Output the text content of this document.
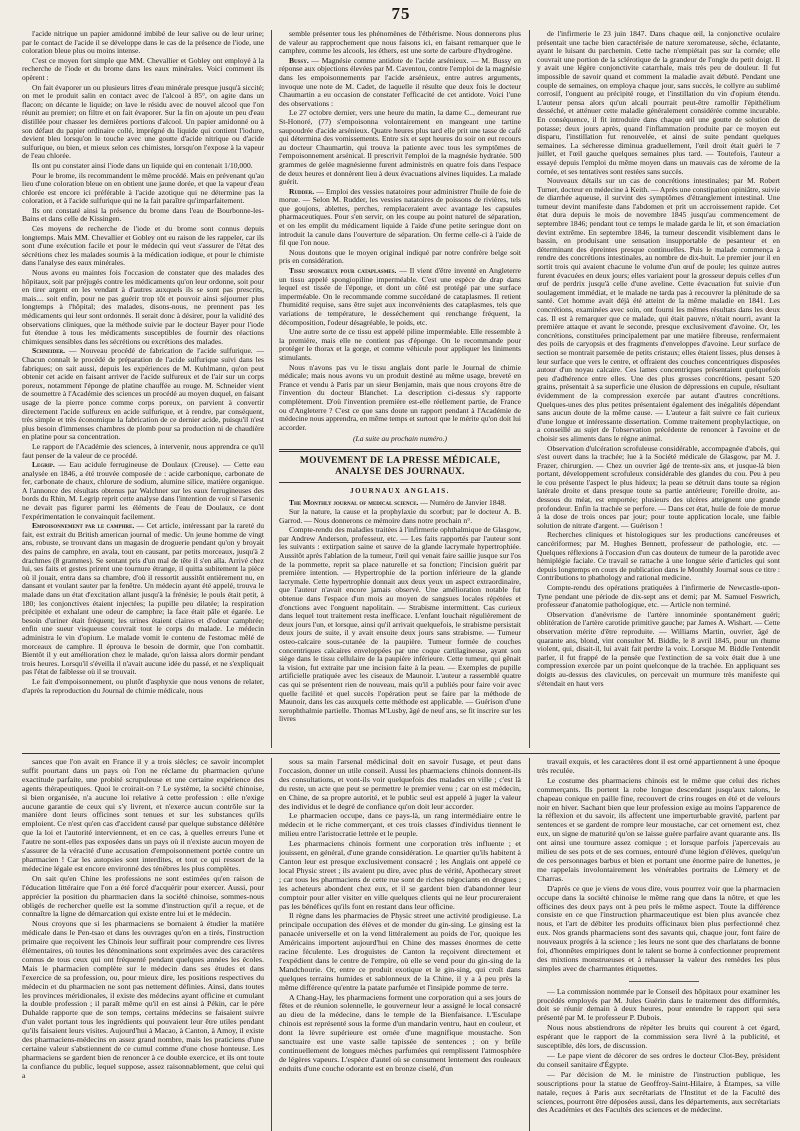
75

l'acide nitrique un papier amidonné imbibé de leur salive ou de leur urine; par le contact de l'acide il se développe dans le cas de la présence de l'iode, une coloration bleue plus ou moins intense.

C'est ce moyen fort simple que MM. Chevallier et Gobley ont employé à la recherche de l'iode et du brome dans les eaux minérales. Voici comment ils opèrent :

On fait évaporer un ou plusieurs litres d'eau minérale presque jusqu'à siccité; on met le produit salin en contact avec de l'alcool à 85°, on agite dans un flacon; on décante le liquide; on lave le résidu avec de nouvel alcool que l'on réunit au premier; on filtre et on fait évaporer. Sur la fin on ajoute un peu d'eau distillée pour chasser les dernières portions d'alcool. Un papier amidonné ou à son défaut du papier ordinaire collé, imprégné du liquide qui contient l'iodure, devient bleu lorsqu'on le touche avec une goutte d'acide nitrique ou d'acide sulfurique, ou bien, et mieux selon ces chimistes, lorsqu'on l'expose à la vapeur de l'eau chlorée.

Ils ont pu constater ainsi l'iode dans un liquide qui en contenait 1/10,000.

Pour le brome, ils recommandent le même procédé. Mais en prévenant qu'au lieu d'une coloration bleue on en obtient une jaune dorée, et que la vapeur d'eau chlorée est encore ici préférable à l'acide azotique qui ne détermine pas la coloration, et à l'acide sulfurique qui ne la fait paraître qu'imparfaitement.

Ils ont constaté ainsi la présence du brome dans l'eau de Bourbonne-les-Bains et dans celle de Kissingen.

Ces moyens de recherche de l'iode et du brome sont connus depuis longtemps. Mais MM. Chevallier et Gobley ont eu raison de les rappeler, car ils sont d'une exécution facile et pour le médecin qui veut s'assurer de l'état des sécrétions chez les malades soumis à la médication iodique, et pour le chimiste dans l'analyse des eaux minérales.

Nous avons eu maintes fois l'occasion de constater que des malades des hôpitaux, soit par préjugés contre les médicaments qu'on leur ordonne, soit pour en tirer argent en les vendant à d'autres auxquels ils se sont pas prescrits, mais.... soit enfin, pour ne pas guérir trop tôt et pouvoir ainsi séjourner plus longtemps à l'hôpital; des malades, disons-nous, ne prennent pas les médicaments qui leur sont ordonnés. Il serait donc à désirer, pour la validité des observations cliniques, que la méthode suivie par le docteur Bayer pour l'iode fut étendue à tous les médicaments susceptibles de fournir des réactions chimiques sensibles dans les sécrétions ou excrétions des malades.

Schneider. — Nouveau procédé de fabrication de l'acide sulfurique. — Chacun connaît le procédé de préparation de l'acide sulfurique suivi dans les fabriques; on sait aussi, depuis les expériences de M. Kuhlmann, qu'on peut obtenir cet acide en faisant arriver de l'acide sulfureux et de l'air sur un corps poreux, notamment l'éponge de platine chauffée au rouge. M. Schneider vient de soumettre à l'Académie des sciences un procédé au moyen duquel, en faisant usage de la pierre ponce comme corps poreux, on parvient à convertir directement l'acide sulfureux en acide sulfurique, et à rendre, par conséquent, très simple et très économique la fabrication de ce dernier acide, puisqu'il n'est plus besoin d'immenses chambres de plomb pour sa production ni de chaudière en platine pour sa concentration.

Le rapport de l'Académie des sciences, à intervenir, nous apprendra ce qu'il faut penser de la valeur de ce procédé.

Legrip. — Eau acidule ferrugineuse de Doulaux (Creuse). — Cette eau analysée en 1846, a été trouvée composée de : acide carbonique, carbonate de fer, carbonate de chaux, chlorure de sodium, alumine silice, matière organique. A l'annonce des résultats obtenus par Walchner sur les eaux ferrugineuses des bords du Rhin, M. Legrip reprit cette analyse dans l'intention de voir si l'arsenic ne devait pas figurer parmi les éléments de l'eau de Doulaux, ce dont l'expérimentation le convainquit facilement.

Empoisonnement par le camphre. — Cet article, intéressant par la rareté du fait, est extrait du British american journal of medic. Un jeune homme de vingt ans, robuste, se trouvant dans un magasin de droguerie pendant qu'on y broyait des pains de camphre, en avala, tout en causant, par petits morceaux, jusqu'à 2 drachmes (8 grammes). Se sentant pris d'un mal de tête il s'en alla. Arrivé chez lui, ses faits et gestes prirent une tournure étrange, il quitta subitement la pièce où il jouait, entra dans sa chambre, d'où il ressortit aussitôt entièrement nu, en dansant et voulant sauter par la fenêtre. Un médecin ayant été appelé, trouva le malade dans un état d'excitation allant jusqu'à la frénésie; le pouls était petit, à 180; les conjonctives étaient injectées; la pupille peu dilatée; la respiration précipitée et exhalant une odeur de camphre; la face était pâle et égarée. Le besoin d'uriner était fréquent; les urines étaient claires et d'odeur camphrée; enfin une sueur visqueuse couvrait tout le corps du malade. Le médecin administra le vin d'opium. Le malade vomit le contenu de l'estomac mêlé de morceaux de camphre. Il éprouva le besoin de dormir, que l'on combattit. Bientôt il y eut amélioration chez le malade, qu'on laissa alors dormir pendant trois heures. Lorsqu'il s'éveilla il n'avait aucune idée du passé, et ne s'expliquait pas l'état de faiblesse où il se trouvait.

Le fait d'empoisonnement, ou plutôt d'asphyxie que nous venons de relater, d'après la reproduction du Journal de chimie médicale, nous

semble présenter tous les phénomènes de l'éthérisme. Nous donnerons plus de valeur au rapprochement que nous faisons ici, en faisant remarquer que le camphre, comme les alcools, les éthers, est une sorte de carbure d'hydrogène.

Bussy. — Magnésie comme antidote de l'acide arsénieux. — M. Bussy en réponse aux objections élevées par M. Caventou, contre l'emploi de la magnésie dans les empoisonnements par l'acide arsénieux, entre autres arguments, invoque une note de M. Cadet, de laquelle il résulte que deux fois le docteur Chaumartin a eu occasion de constater l'efficacité de cet antidote. Voici l'une des observations :

Le 27 octobre dernier, vers une heure du matin, la dame C.., demeurant rue St-Honoré, (77) s'empoisonna volontairement en mangeant une tartine saupoudrée d'acide arsénieux. Quatre heures plus tard elle prit une tasse de café qui détermina des vomissements. Entre six et sept heures du soir on eut recours au docteur Chaumartin, qui trouva la patiente avec tous les symptômes de l'empoisonnement arsénical. Il prescrivit l'emploi de la magnésie hydratée. 500 grammes de gelée magnésienne furent administrés en quatre fois dans l'espace de deux heures et donnèrent lieu à deux évacuations alvines liquides. La malade guérit.

Rudder. — Emploi des vessies natatoires pour administrer l'huile de foie de morue. — Selon M. Rudder, les vessies natatoires de poissons de rivières, tels que goujons, ablettes, perches, remplaceraient avec avantage les capsules pharmaceutiques. Pour s'en servir, on les coupe au point naturel de séparation, et on les emplit du médicament liquide à l'aide d'une petite seringue dont on introduit la canule dans l'ouverture de séparation. On ferme celle-ci à l'aide de fil que l'on noue.

Nous doutons que le moyen original indiqué par notre confrère belge soit pris en considération.

Tissu spongieux pour cataplasmes. — Il vient d'être inventé en Angleterre un tissu appelé spongiopiline imperméable. C'est une espèce de drap dans lequel est tissée de l'éponge, et dont un côté est protégé par une surface imperméable. On le recommande comme succédané de cataplasmes. Il retient l'humidité requise, sans être sujet aux inconvénients des cataplasmes, tels que variations de température, le desséchement qui renchange fréquent, la décomposition, l'odeur désagréable, le poids, etc.

Une autre sorte de ce tissu est appelé piline imperméable. Elle ressemble à la première, mais elle ne contient pas d'éponge. On le recommande pour protéger le thorax et la gorge, et comme véhicule pour appliquer les liniments stimulants.

Nous n'avons pas vu le tissu anglais dont parle le Journal de chimie médicale; mais nous avons vu un produit destiné au même usage, breveté en France et vendu à Paris par un sieur Benjamin, mais que nous croyons être de l'invention du docteur Blanchet. La description ci-dessus s'y rapporte complètement. D'où l'invention première est-elle réellement partie, de France ou d'Angleterre ? C'est ce que sans doute un rapport pendant à l'Académie de médecine nous apprendra, en même temps et surtout que le mérite qu'on doit lui accorder.

(La suite au prochain numéro.)

MOUVEMENT DE LA PRESSE MÉDICALE, ANALYSE DES JOURNAUX.
JOURNAUX ANGLAIS.

The Monthly journal of medical science. — Numéro de Janvier 1848.

Sur la nature, la cause et la prophylaxie du scorbut; par le docteur A. B. Garrod. — Nous donnerons ce mémoire dans notre prochain n°.

Compte-rendu des maladies traitées à l'infirmerie ophthalmique de Glasgow, par Andrew Anderson, professeur, etc. — Les faits rapportés par l'auteur sont les suivants : extirpation saine et sauve de la glande lacrymale hypertrophiée. Aussitôt après l'ablation de la tumeur, l'œil qui venait faire saillie jusque sur l'os de la pommette, reprit sa place naturelle et sa fonction; l'incision guérit par première intention. — Hypertrophie de la portion inférieure de la glande lacrymale. Cette hypertrophie donnait aux deux yeux un aspect extraordinaire, que l'auteur n'avait encore jamais observé. Une amélioration notable fut obtenue dans l'espace d'un mois au moyen de sangsues locales répétées et d'onctions avec l'onguent napolitain. — Strabisme intermittent. Cas curieux dans lequel tout traitement resta inefficace. L'enfant louchait régulièrement de deux jours l'un, et lorsque, ainsi qu'il arrivait quelquefois, le strabisme persistait deux jours de suite, il y avait ensuite deux jours sans strabisme. — Tumeur osteo-calcaire sous-cutanée de la paupière. Tumeur formée de couches concentriques calcaires enveloppées par une coque cartilagineuse, ayant son siège dans le tissu cellulaire de la paupière inférieure. Cette tumeur, qui gênait la vision, fut extraite par une incision faite à la peau. — Exemples de pupille artificielle pratiquée avec les ciseaux de Maunoir. L'auteur a rassemblé quatre cas qui se présentent rien de nouveau, mais qu'il a publiés pour faire voir avec quelle facilité et quel succès l'opération peut se faire par la méthode de Maunoir, dans les cas auxquels cette méthode est applicable. — Guérison d'une xerophthalmie partielle. Thomas M'Lusby, âgé de neuf ans, se fit inscrire sur les livres

de l'infirmerie le 23 juin 1847. Dans chaque œil, la conjonctive oculaire présentait une tache bien caractérisée de nature xeromateuse, sèche, éclatante, ayant le luisant du parchemin. Cette tache n'empiétait pas sur la cornée; elle couvrait une portion de la sclérotique de la grandeur de l'ongle du petit doigt. Il y avait une légère conjonctivite catarrhale, mais très peu de douleur. Il fut impossible de savoir quand et comment la maladie avait débuté. Pendant une couple de semaines, on employa chaque jour, sans succès, le collyre au sublimé corrosif, l'onguent au précipité rouge, et l'instillation du vin d'opium étendu. L'auteur pensa alors qu'un alcali pourrait peut-être ramollir l'épithélium desséché, et atténuer cette maladie généralement considérée comme incurable. En conséquence, il fit introduire dans chaque œil une goutte de solution de potasse; deux jours après, quand l'inflammation produite par ce moyen eut disparu, l'instillation fut renouvelée, et ainsi de suite pendant quelques semaines. La sécheresse diminua graduellement, l'œil droit était guéri le 7 juillet, et l'œil gauche quelques semaines plus tard. — Toutefois, l'auteur a essayé depuis l'emploi du même moyen dans un mauvais cas de xérome de la cornée, et ses tentatives sont restées sans succès.

Nouveaux détails sur un cas de concrétions intestinales; par M. Robert Turner, docteur en médecine à Keith. — Après une constipation opiniâtre, suivie de diarrhée aqueuse, il survint des symptômes d'étranglement intestinal. Une tumeur devint manifeste dans l'abdomen et prit un accroissement rapide. Cet état dura depuis le mois de novembre 1845 jusqu'au commencement de septembre 1846; pendant tout ce temps le malade garda le lit, et son émaciation devint extrême. En septembre 1846, la tumeur descendit visiblement dans le bassin, en produisant une sensation insupportable de pesanteur et en déterminant des épreintes presque continuelles. Puis le malade commença à rendre des concrétions intestinales, au nombre de dix-huit. Le premier jour il en sortit trois qui avaient chacune le volume d'un œuf de poule; les quinze autres furent évacuées en deux jours; elles variaient pour la grosseur depuis celles d'un œuf de perdrix jusqu'à celle d'une aveline. Cette évacuation fut suivie d'un soulagement immédiat, et le malade ne tarda pas à recouvrer la plénitude de sa santé. Cet homme avait déjà été atteint de la même maladie en 1841. Les concrétions, examinées avec soin, ont fourni les mêmes résultats dans les deux cas. Il est à remarquer que ce malade, qui était pauvre, n'était nourri, avant la première attaque et avant le seconde, presque exclusivement d'avoine. Or, les concrétions, constituées principalement par une matière fibreuse, renfermaient des poils de caryopsis et des fragments d'enveloppes d'avoine. Leur surface de section se montrait parsemée de petits cristaux; elles étaient lisses, plus denses à leur surface que vers le centre, et offraient des couches concentriques disposées autour d'un noyau calcaire. Ces lames concentriques présentaient quelquefois peu d'adhérence entre elles. Une des plus grosses concrétions, pesant 520 grains, présentait à sa superficie une élusion de dépressions en cupule, résultant évidemment de la compression exercée par autant d'autres concrétions. Quelques-unes des plus petites présentaient également des inégalités dépendant sans aucun doute de la même cause. — L'auteur a fait suivre ce fait curieux d'une longue et intéressante dissertation. Comme traitement prophylactique, on a conseillé au sujet de l'observation précédente de renoncer à l'avoine et de choisir ses aliments dans le règne animal.

Observation d'ulcération scrofuleuse considérable, accompagnée d'abcès, qui s'est ouvert dans la trachée; lue à la Société médicale de Glasgow, par M. J. Frazer, chirurgien. — Chez un ouvrier âgé de trente-six ans, et jusque-là bien portant, développement scrofuleux considérable des glandes du cou. Peu à peu le cou présente l'aspect le plus hideux; la peau se détruit dans toute sa région latérale droite et dans presque toute sa partie antérieure; l'oreille droite, au-dessous du méat, est emportée; plusieurs des ulcères atteignent une grande profondeur. Enfin la trachée se perfore. — Dans cet état, huile de foie de morue à la dose de trois onces par jour; pour toute application locale, une faible solution de nitrate d'argent. — Guérison !

Recherches cliniques et histologiques sur les productions cancéreuses et cancériformes; par M. Hughes Bennett, professeur de pathologie, etc. — Quelques réflexions à l'occasion d'un cas douteux de tumeur de la parotide avec hémiplégie faciale. Ce travail se rattache à une longue série d'articles qui sont depuis longtemps en cours de publication dans le Monthly Journal sous ce titre : Contributions to phathology and rational medicine.

Compte-rendu des opérations pratiquées à l'infirmerie de Newcastle-upon-Tyne pendant une période de dix-sept ans et demi; par M. Samuel Feswrich, professeur d'anatomie pathologique, etc. — Article non terminé.

Observation d'anévrisme de l'artère innominée spontanément guéri; oblitération de l'artère carotide primitive gauche; par James A. Wishart. — Cette observation mérite d'être reproduite. — Williams Martin, ouvrier, âgé de quarante ans, blond, vint consulter M. Biddle, le 8 avril 1845, pour un rhume violent, qui, disait-il, lui avait fait perdre la voix. Lorsque M. Biddle l'entendit parler, il fut frappé de la pensée que l'extinction de sa voix était due à une compression exercée par un point quelconque de la trachée. En appliquant ses doigts au-dessus des clavicules, on percevait un murmure très manifeste qui s'étendait en haut vers

sances que l'on avait en France il y a trois siècles; ce savoir incomplet suffit pourtant dans un pays où l'on ne réclame du pharmacien qu'une exactitude parfaite, une probité scrupuleuse et une certaine expérience des agents thérapeutiques. Quoi le croirait-on ? Le système, la société chinoise, si bien organisée, n'a aucune loi relative à cette profession : elle n'exige aucune garantie de ceux qui s'y livrent, et n'exerce aucun contrôle sur la manière dont leurs officines sont tenues et sur les substances qu'ils emploient. Ce n'est qu'en cas d'accident causé par quelque substance délétère que la loi et l'autorité interviennent, et en ce cas, à quelles erreurs l'une et l'autre ne sont-elles pas exposées dans un pays où il n'existe aucun moyen de s'assurer de la véracité d'une accusation d'empoisonnement portée contre un pharmacien ! Car les autopsies sont interdites, et tout ce qui ressort de la médecine légale est encore environné des ténèbres les plus complètes.

On sait qu'en Chine les professions ne sont estimées qu'en raison de l'éducation littéraire que l'on a été forcé d'acquérir pour exercer. Aussi, pour apprécier la position du pharmacien dans la société chinoise, sommes-nous obligés de rechercher quelle est la somme d'instruction qu'il a reçue, et de connaître la ligne de démarcation qui existe entre lui et le médecin.

Nous croyons que si les pharmaciens se bornaient à étudier la matière médicale dans le Pen-tsao et dans les ouvrages qu'on en a tirés, l'instruction primaire que reçoivent les Chinois leur suffirait pour comprendre ces livres élémentaires, où toutes les dénominations sont exprimées avec des caractères connus de tous ceux qui ont fréquenté pendant quelques années les écoles. Mais le pharmacien complète sur le médecin dans ses études et dans l'exercice de sa profession, ou, pour mieux dire, les positions respectives du médecin et du pharmacien ne sont pas nettement définies. Ainsi, dans toutes les provinces méridionales, il existe des médecins ayant officine et cumulant la double profession ; il paraît même qu'il en est ainsi à Pékin, car le père Duhalde rapporte que de son temps, certains médecins se faisaient suivre d'un valet portant tous les ingrédients qui pouvaient leur être utiles pendant qu'ils faisaient leurs visites. Aujourd'hui à Macao, à Canton, à Amoy, il existe des pharmaciens-médecins en assez grand nombre, mais les praticiens d'une certaine valeur s'abstiennent de ce cumul comme d'une chose honteuse. Les pharmaciens se gardent bien de renoncer à ce double exercice, et ils ont toute la confiance du public, lequel suppose, assez raisonnablement, que celui qui a

sous sa main l'arsenal médicinal doit en savoir l'usage, et peut dans l'occasion, donner un utile conseil. Aussi les pharmaciens chinois donnent-ils des consultations, et vont-ils voir quelquefois des malades en ville ; c'est là du reste, un acte que peut se permettre le premier venu ; car on est médecin, en Chine, de sa propre autorité, et le public seul est appelé à juger la valeur des individus et le degré de confiance qu'on doit leur accorder.

Le pharmacien occupe, dans ce pays-là, un rang intermédiaire entre le médecin et le riche commerçant, et ces trois classes d'individus tiennent le milieu entre l'aristocratie lettrée et le peuple.

Les pharmaciens chinois forment une corporation très influente ; et jouissent, en général, d'une grande considération. Le quartier qu'ils habitent à Canton leur est presque exclusivement consacré ; les Anglais ont appelé ce local Physic street ; ils avaient pu dire, avec plus de vérité, Apothecary street ; car tous les pharmaciens de cette rue sont de riches négociants en drogues ; les acheteurs abondent chez eux, et il se gardent bien d'abandonner leur comptoir pour aller visiter en ville quelques clients qui ne leur procureraient pas les bénéfices qu'ils font en restant dans leur officine.

Il règne dans les pharmacies de Physic street une activité prodigieuse. La principale occupation des élèves et de monder du gin-sing. Le ginsing est la panacée universelle et on la vend littéralement au poids de l'or, quoique les Américains importent aujourd'hui en Chine des masses énormes de cette racine féculente. Les droguistes de Canton la reçoivent directement et l'expédient dans le centre de l'empire, où elle se vend pour du gin-sing de la Mandchourie. Or, entre ce produit exotique et le gin-sing, qui croît dans quelques terrains humides et sablonneux de la Chine, il y a à peu près la même différence qu'entre la patate parfumée et l'insipide pomme de terre.

A Chang-Hay, les pharmaciens forment une corporation qui a ses jours de fêtes et de réunion solennelle, le gouverneur leur a assigné le local consacré au dieu de la médecine, dans le temple de la Bienfaisance. L'Esculape chinois est représenté sous la forme d'un mandarin ventru, haut en couleur, et dont la lèvre supérieure est ornée d'une magnifique moustache. Son sanctuaire est une vaste salle tapissée de sentences ; on y brûle continuellement de longues mèches parfumées qui remplissent l'atmosphère de légères vapeurs. L'espèce d'autel où se consument lentement des rouleaux enduits d'une couche odorante est en bronze ciselé, d'un

travail exquis, et les caractères dont il est orné appartiennent à une époque très reculée.

Le costume des pharmaciens chinois est le même que celui des riches commerçants. Ils portent la robe longue descendant jusqu'aux talons, le chapeau conique en paille fine, recouvert de crins rouges en été et de velours noir en hiver. Sachant bien que leur profession exige au moins l'apparence de la réflexion et du savoir, ils affectent une imperturbable gravité, parlent par sentences et se gardent de rompre leur moustache, car cet ornement est, chez eux, un signe de maturité qu'on se laisse guère parfaire avant quarante ans. Ils ont ainsi une tournure assez comique ; et lorsque parfois j'apercevais au milieu de ses pots et de ses cornues, entouré d'une légion d'élèves, quelqu'un de ces personnages barbus et bien et portant une énorme paire de lunettes, je me rappelais involontairement les vénérables portraits de Lémery et de Charras.

D'après ce que je viens de vous dire, vous pourrez voir que la pharmacien occupe dans la société chinoise le même rang que dans la nôtre, et que les officines des deux pays ont à peu près le même aspect. Toute la différence consiste en ce que l'instruction pharmaceutique est bien plus avancée chez nous, et l'art de débiter les produits officinaux bien plus perfectionné chez eux. Nos grands pharmaciens sont des savants qui, chaque jour, font faire de nouveaux progrès à la science ; les leurs ne sont que des charlatans de bonne foi, d'honnêtes empiriques dont le talent se borne à confectionner proprement des mixtions monstrueuses et à rehausser la valeur des remèdes les plus simples avec de charmantes étiquettes.

— La commission nommée par le Conseil des hôpitaux pour examiner les procédés employés par M. Jules Guérin dans le traitement des difformités, doit se réunir demain à deux heures, pour entendre le rapport qui sera présenté par M. le professeur P. Dubois.

Nous nous abstiendrons de répéter les bruits qui courent à cet égard, espérant que le rapport de la commission sera livré à la publicité, et susceptible, dès lors, de discussion.

— Le pape vient de décorer de ses ordres le docteur Clot-Bey, président du conseil sanitaire d'Égypte.

— Par décision de M. le ministre de l'instruction publique, les souscriptions pour la statue de Geoffroy-Saint-Hilaire, à Étampes, sa ville natale, reçues à Paris aux secrétariats de l'Institut et de la Faculté des sciences, pourront être déposées aussi, dans les départements, aux secrétariats des Académies et des Facultés des sciences et de médecine.
